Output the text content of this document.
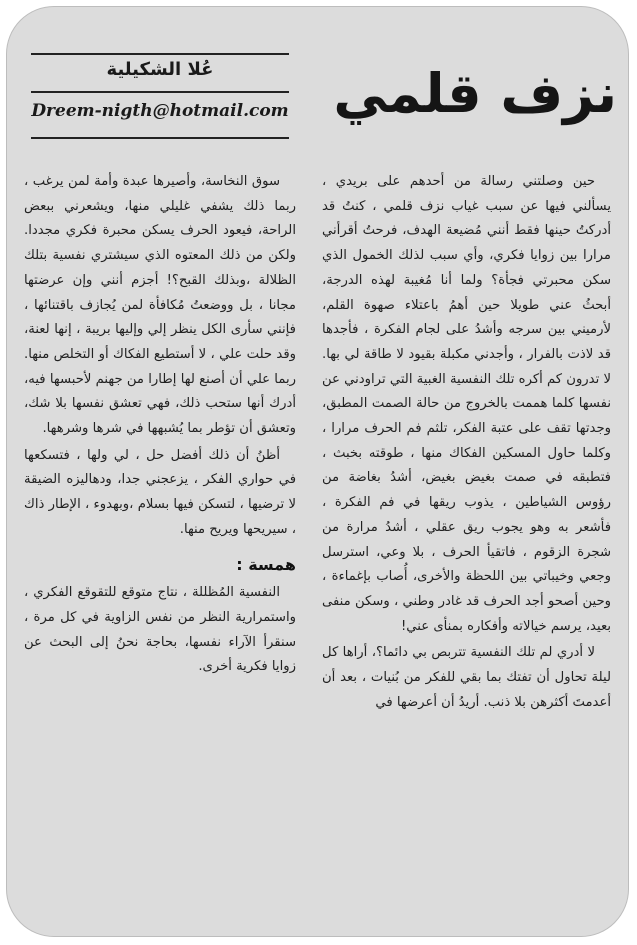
نزف قلمي
عُلا الشكيلية
Dreem-nigth@hotmail.com

حين وصلتني رسالة من أحدهم على بريدي ، يسألني فيها عن سبب غياب نزف قلمي ، كنتُ قد أدركتُ حينها فقط أنني مُضيعة الهدف، فرحتُ أقرأني مرارا بين زوايا فكري، وأي سبب لذلك الخمول الذي سكن محبرتي فجأة؟ ولما أنا مُغيبة لهذه الدرجة، أبحثُ عني طويلا حين أهمُ باعتلاء صهوة القلم، لأرميني بين سرجه وأشدُ على لجام الفكرة ، فأجدها قد لاذت بالفرار ، وأجدني مكبلة بقيود لا طاقة لي بها. لا تدرون كم أكره تلك النفسية الغبية التي تراودني عن نفسها كلما هممت بالخروج من حالة الصمت المطبق، وجدتها تقف على عتبة الفكر، تلثم فم الحرف مرارا ، وكلما حاول المسكين الفكاك منها ، طوقته بخبث ، فتطبقه في صمت بغيض بغيض، أشدُ بغاضة من رؤوس الشياطين ، يذوب ريقها في فم الفكرة ، فأشعر به وهو يجوب ريق عقلي ، أشدُ مرارة من شجرة الزقوم ، فاتقيأ الحرف ، بلا وعي، استرسل وجعي وخيباتي بين اللحظة والأخرى، أُصاب بإغماءة ، وحين أصحو أجد الحرف قد غادر وطني ، وسكن منفى بعيد، يرسم خيالاته وأفكاره بمنأى عني!

لا أدري لم تلك النفسية تتربص بي دائما؟، أراها كل ليلة تحاول أن تفتك بما بقي للفكر من بُنيات ، بعد أن أعدمتَ أكثرهن بلا ذنب. أريدُ أن أعرضها في

سوق النخاسة، وأصيرها عبدة وأمة لمن يرغب ، ربما ذلك يشفي غليلي منها، ويشعرني ببعض الراحة، فيعود الحرف يسكن محبرة فكري مجددا. ولكن من ذلك المعتوه الذي سيشتري نفسية بتلك الظلالة ،وبذلك القبح؟! أجزم أنني وإن عرضتها مجانا ، بل ووضعتُ مُكافأة لمن يُجازف باقتنائها ، فإنني سأرى الكل ينظر إلي وإليها بريبة ، إنها لعنة، وقد حلت علي ، لا أستطيع الفكاك أو التخلص منها. ربما علي أن أصنع لها إطارا من جهنم لأحبسها فيه، أدرك أنها ستحب ذلك، فهي تعشق نفسها بلا شك، وتعشق أن تؤطر بما يُشبهها في شرها وشرهها.

أظنُ أن ذلك أفضل حل ، لي ولها ، فتسكعها في حواري الفكر ، يزعجني جدا، ودهاليزه الضيقة لا ترضيها ، لتسكن فيها بسلام ،وبهدوء ، الإطار ذاك ، سيريحها ويريح منها.

همسة :

النفسية المُظللة ، نتاج متوقع للتقوقع الفكري ، واستمرارية النظر من نفس الزاوية في كل مرة ، سنقرأ الآراء نفسها، بحاجة نحنُ إلى البحث عن زوايا فكرية أخرى.
